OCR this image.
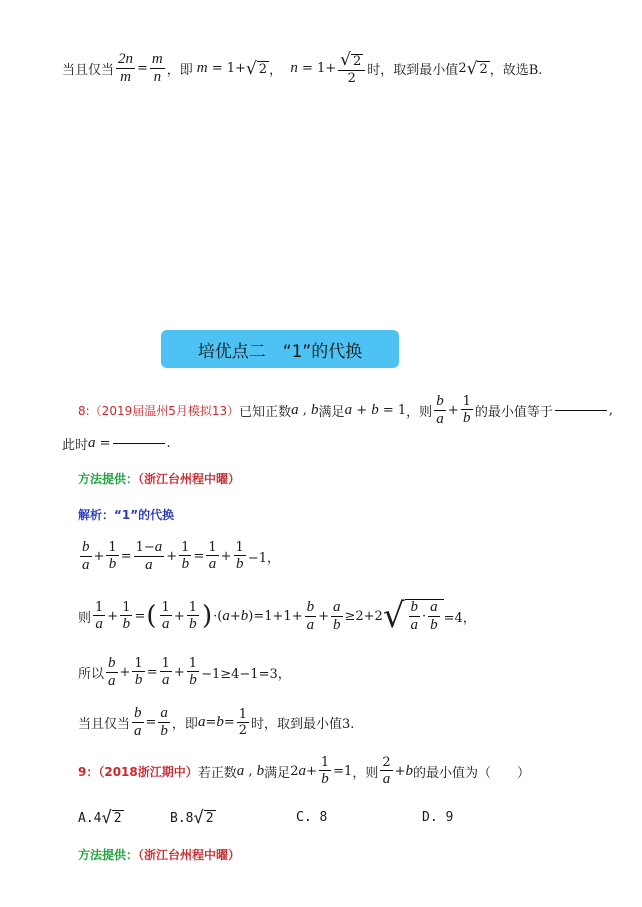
当且仅当 $\frac{2n}{m} = \frac{m}{n}$ ，即 m = 1+ √ 2 ， $n = 1+ \frac{√ 2}{2}$ 时，取到最小值 2 √ 2 ，故选B.
培优点二　“1”的代换
8:（2019届温州5月模拟13） 已知正数 a , b 满足 a + b = 1 ，则 $\frac{b}{a} + \frac{1}{b}$ 的最小值等于	,
此时 a =	.
方法提供：（浙江台州程中曜）
解析：“1”的代换
$\frac{b}{a} + \frac{1}{b} = \frac{1-a}{a} + \frac{1}{b} = \frac{1}{a} + \frac{1}{b} -1$，
则 $\frac{1}{a} + \frac{1}{b}$ = ( $\frac{1}{a} + \frac{1}{b}$ ) ·( a + b )$=1+1+ \frac{b}{a} + \frac{a}{b} \ge 2+2$ √ $\frac{b}{a} \cdot \frac{a}{b} =4$，
所以 $\frac{b}{a} + \frac{1}{b} = \frac{1}{a} + \frac{1}{b} -1\ge 4-1=3$，
当且仅当 $\frac{b}{a} = \frac{a}{b}$ ，即 $a = b = \frac{1}{2}$ 时，取到最小值3.
9：（2018浙江期中） 若正数 a , b 满足 2 $a + \frac{1}{b} =1$ ，则 $\frac{2}{a} + b$ 的最小值为（　　）
A. 4 √ 2	B. 8 √ 2	C. 8	D. 9
方法提供：（浙江台州程中曜）
